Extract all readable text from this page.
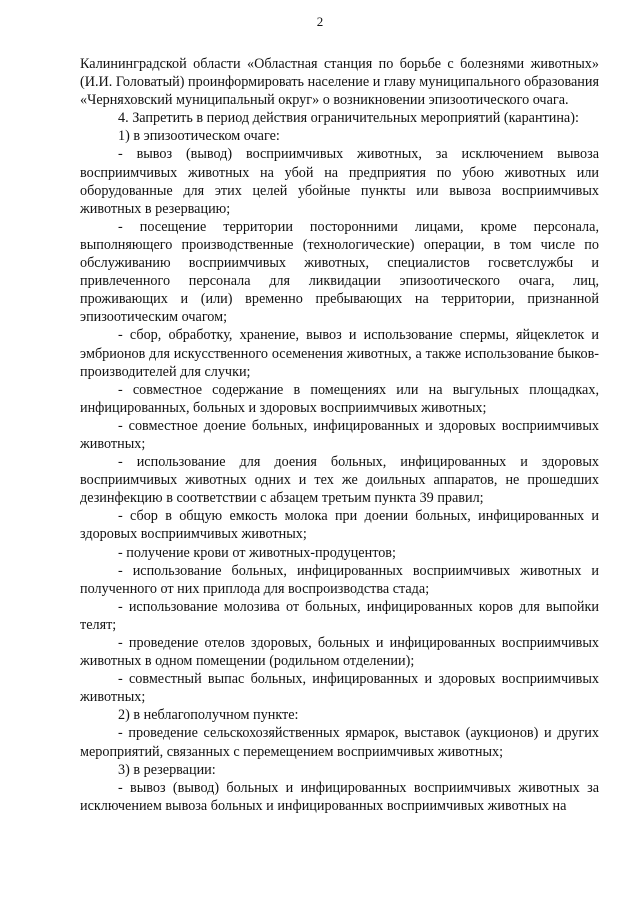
2

Калининградской области «Областная станция по борьбе с болезнями животных» (И.И. Головатый) проинформировать население и главу муниципального образования «Черняховский муниципальный округ» о возникновении эпизоотического очага.

4. Запретить в период действия ограничительных мероприятий (карантина):

1) в эпизоотическом очаге:

- вывоз (вывод) восприимчивых животных, за исключением вывоза восприимчивых животных на убой на предприятия по убою животных или оборудованные для этих целей убойные пункты или вывоза восприимчивых животных в резервацию;

- посещение территории посторонними лицами, кроме персонала, выполняющего производственные (технологические) операции, в том числе по обслуживанию восприимчивых животных, специалистов госветслужбы и привлеченного персонала для ликвидации эпизоотического очага, лиц, проживающих и (или) временно пребывающих на территории, признанной эпизоотическим очагом;

- сбор, обработку, хранение, вывоз и использование спермы, яйцеклеток и эмбрионов для искусственного осеменения животных, а также использование быков-производителей для случки;

- совместное содержание в помещениях или на выгульных площадках, инфицированных, больных и здоровых восприимчивых животных;

- совместное доение больных, инфицированных и здоровых восприимчивых животных;

- использование для доения больных, инфицированных и здоровых восприимчивых животных одних и тех же доильных аппаратов, не прошедших дезинфекцию в соответствии с абзацем третьим пункта 39 правил;

- сбор в общую емкость молока при доении больных, инфицированных и здоровых восприимчивых животных;

- получение крови от животных-продуцентов;

- использование больных, инфицированных восприимчивых животных и полученного от них приплода для воспроизводства стада;

- использование молозива от больных, инфицированных коров для выпойки телят;

- проведение отелов здоровых, больных и инфицированных восприимчивых животных в одном помещении (родильном отделении);

- совместный выпас больных, инфицированных и здоровых восприимчивых животных;

2) в неблагополучном пункте:

- проведение сельскохозяйственных ярмарок, выставок (аукционов) и других мероприятий, связанных с перемещением восприимчивых животных;

3) в резервации:

- вывоз (вывод) больных и инфицированных восприимчивых животных за исключением вывоза больных и инфицированных восприимчивых животных на
